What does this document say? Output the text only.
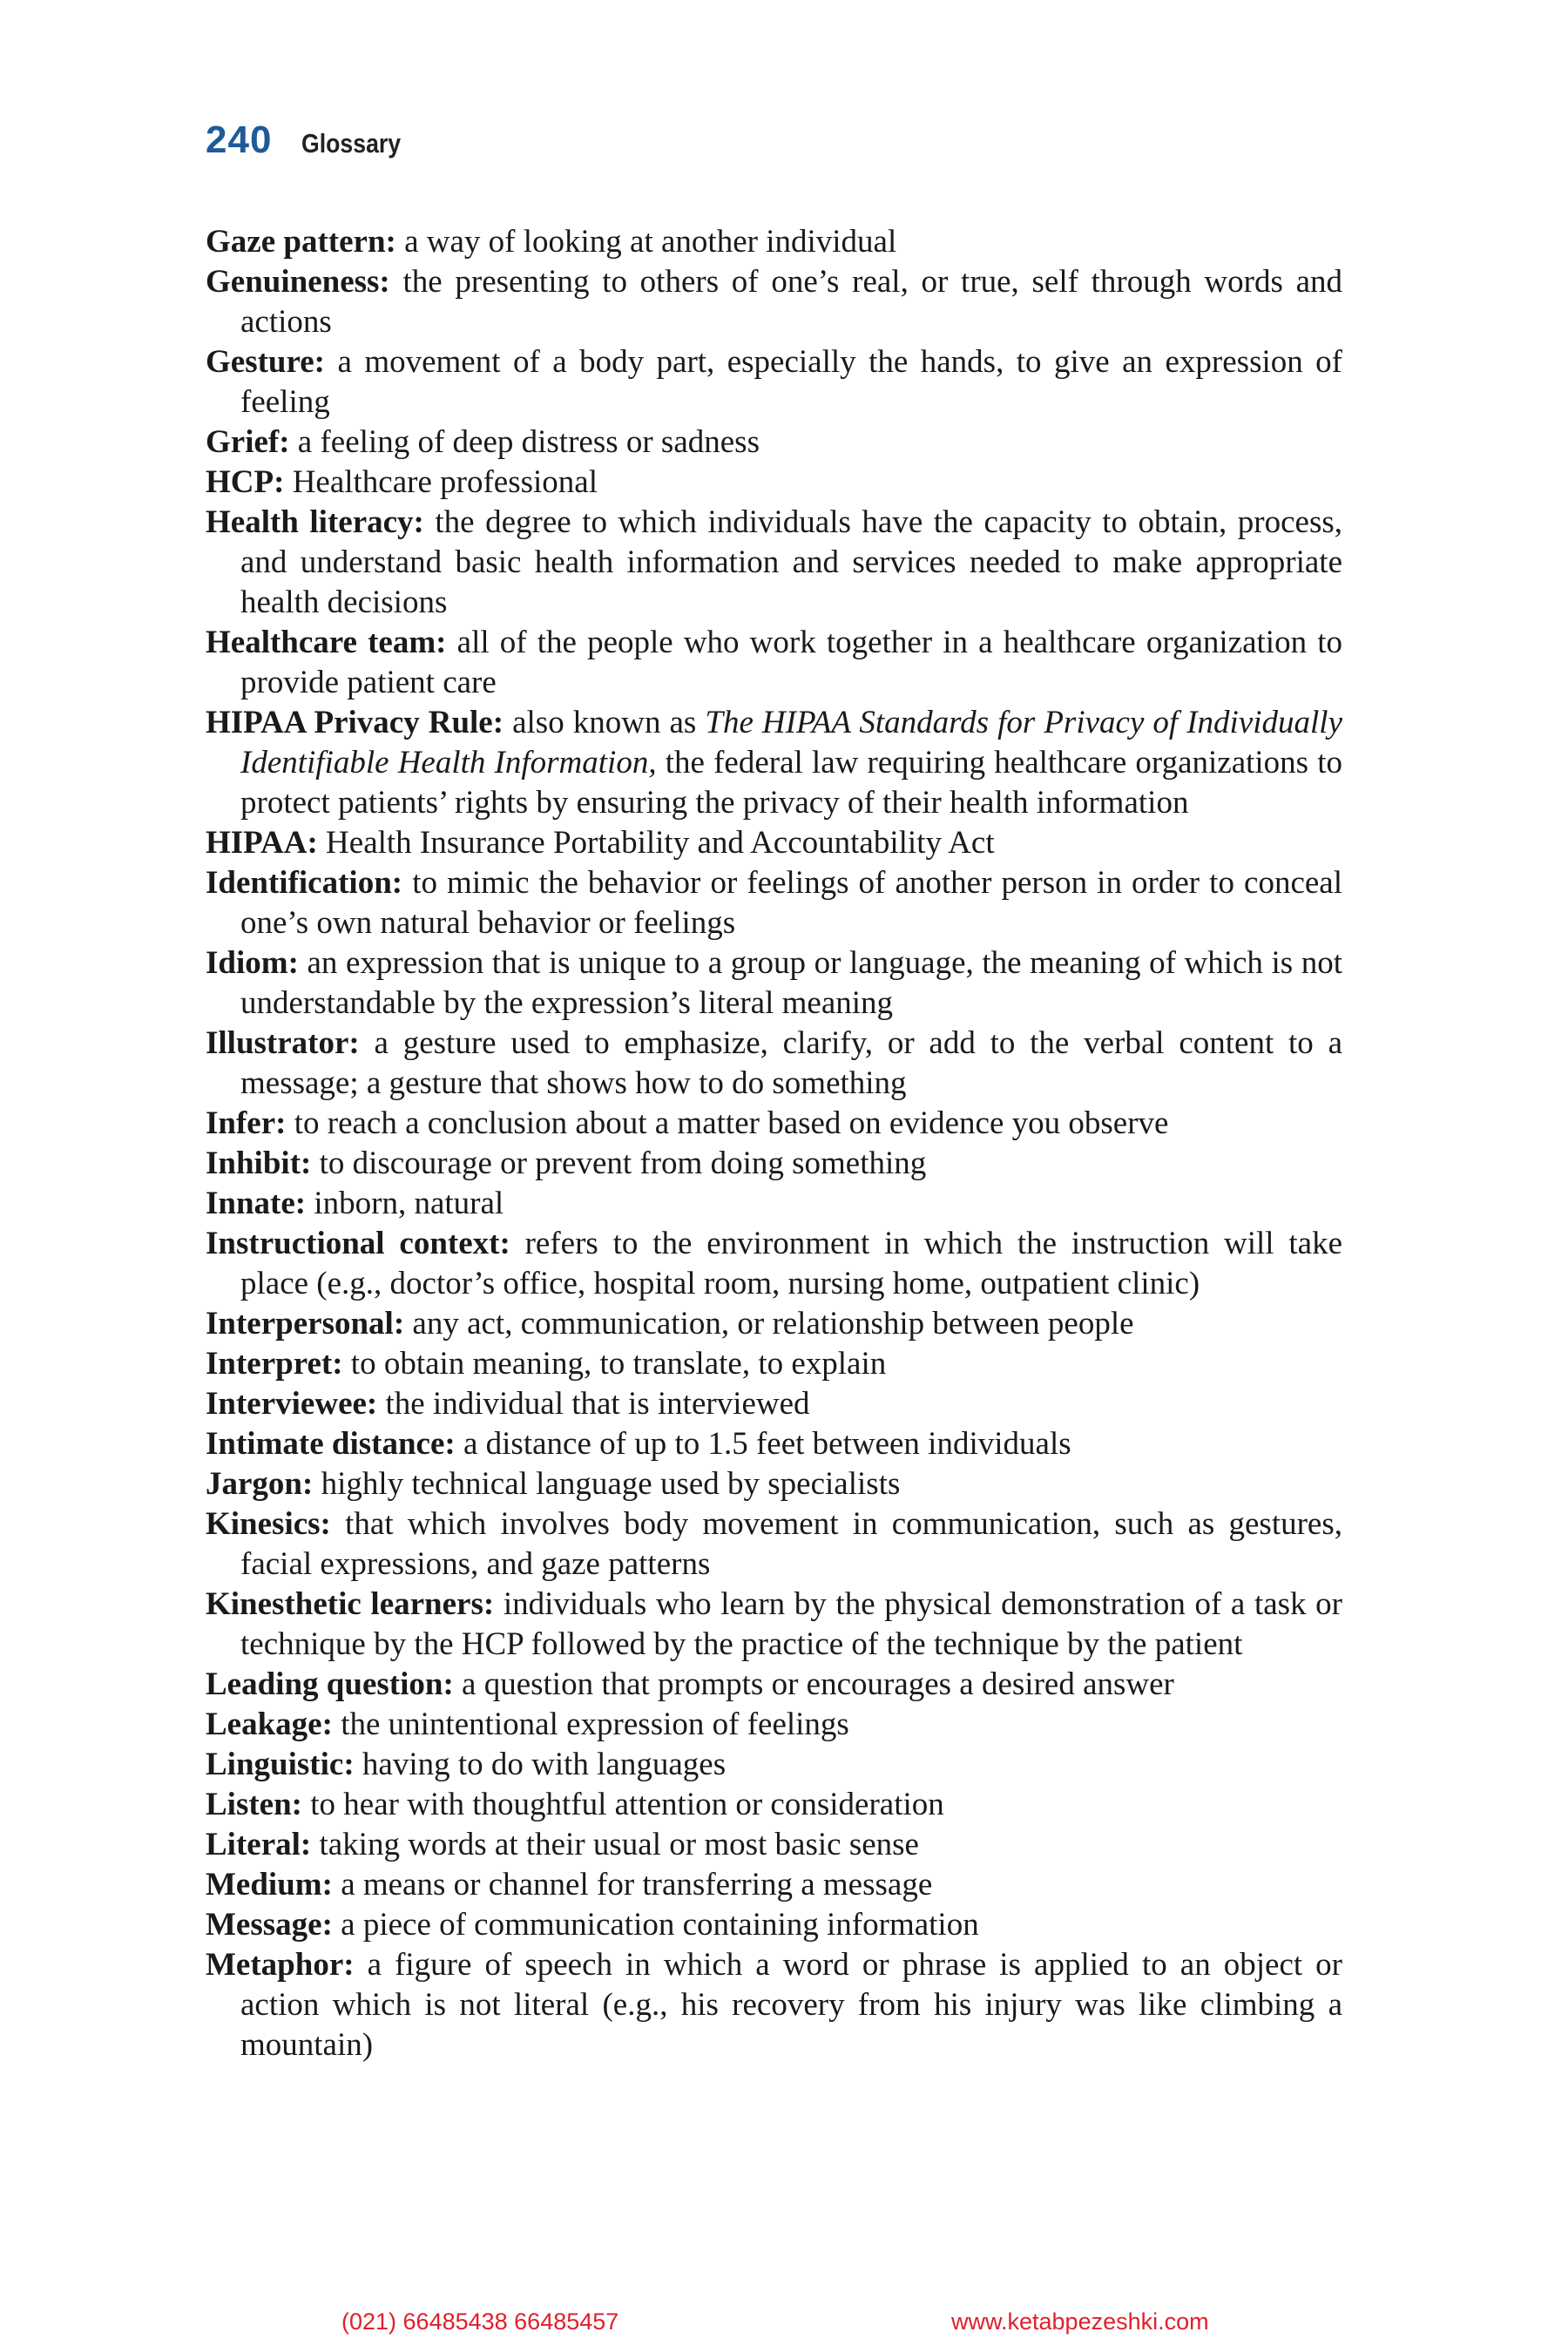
240 Glossary

Gaze pattern: a way of looking at another individual

Genuineness: the presenting to others of one’s real, or true, self through words and actions

Gesture: a movement of a body part, especially the hands, to give an expression of feeling

Grief: a feeling of deep distress or sadness

HCP: Healthcare professional

Health literacy: the degree to which individuals have the capacity to obtain, process, and understand basic health information and services needed to make appropriate health decisions

Healthcare team: all of the people who work together in a healthcare organization to provide patient care

HIPAA Privacy Rule: also known as The HIPAA Standards for Privacy of Individually Identifiable Health Information, the federal law requiring healthcare organizations to protect patients’ rights by ensuring the privacy of their health information

HIPAA: Health Insurance Portability and Accountability Act

Identification: to mimic the behavior or feelings of another person in order to conceal one’s own natural behavior or feelings

Idiom: an expression that is unique to a group or language, the meaning of which is not understandable by the expression’s literal meaning

Illustrator: a gesture used to emphasize, clarify, or add to the verbal content to a message; a gesture that shows how to do something

Infer: to reach a conclusion about a matter based on evidence you observe

Inhibit: to discourage or prevent from doing something

Innate: inborn, natural

Instructional context: refers to the environment in which the instruction will take place (e.g., doctor’s office, hospital room, nursing home, outpatient clinic)

Interpersonal: any act, communication, or relationship between people

Interpret: to obtain meaning, to translate, to explain

Interviewee: the individual that is interviewed

Intimate distance: a distance of up to 1.5 feet between individuals

Jargon: highly technical language used by specialists

Kinesics: that which involves body movement in communication, such as gestures, facial expressions, and gaze patterns

Kinesthetic learners: individuals who learn by the physical demonstration of a task or technique by the HCP followed by the practice of the technique by the patient

Leading question: a question that prompts or encourages a desired answer

Leakage: the unintentional expression of feelings

Linguistic: having to do with languages

Listen: to hear with thoughtful attention or consideration

Literal: taking words at their usual or most basic sense

Medium: a means or channel for transferring a message

Message: a piece of communication containing information

Metaphor: a figure of speech in which a word or phrase is applied to an object or action which is not literal (e.g., his recovery from his injury was like climbing a mountain)

(021) 66485438 66485457	www.ketabpezeshki.com
